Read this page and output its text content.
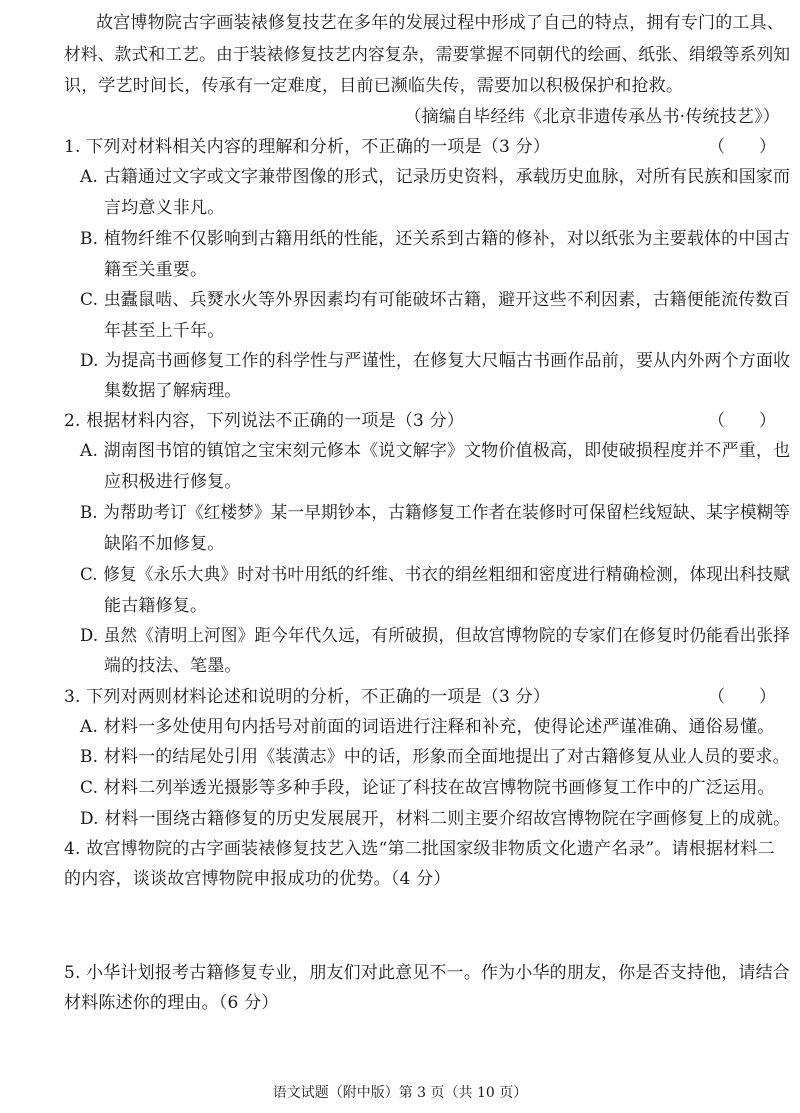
故宫博物院古字画装裱修复技艺在多年的发展过程中形成了自己的特点，拥有专门的工具、
材料、款式和工艺。由于装裱修复技艺内容复杂，需要掌握不同朝代的绘画、纸张、绢缎等系列知
识，学艺时间长，传承有一定难度，目前已濒临失传，需要加以积极保护和抢救。
（摘编自毕经纬《北京非遗传承丛书·传统技艺》）
1. 下列对材料相关内容的理解和分析，不正确的一项是（3 分）	（　　）
A. 古籍通过文字或文字兼带图像的形式，记录历史资料，承载历史血脉，对所有民族和国家而
言均意义非凡。
B. 植物纤维不仅影响到古籍用纸的性能，还关系到古籍的修补，对以纸张为主要载体的中国古
籍至关重要。
C. 虫蠹鼠啮、兵燹水火等外界因素均有可能破坏古籍，避开这些不利因素，古籍便能流传数百
年甚至上千年。
D. 为提高书画修复工作的科学性与严谨性，在修复大尺幅古书画作品前，要从内外两个方面收
集数据了解病理。
2. 根据材料内容，下列说法不正确的一项是（3 分）	（　　）
A. 湖南图书馆的镇馆之宝宋刻元修本《说文解字》文物价值极高，即使破损程度并不严重，也
应积极进行修复。
B. 为帮助考订《红楼梦》某一早期钞本，古籍修复工作者在装修时可保留栏线短缺、某字模糊等
缺陷不加修复。
C. 修复《永乐大典》时对书叶用纸的纤维、书衣的绢丝粗细和密度进行精确检测，体现出科技赋
能古籍修复。
D. 虽然《清明上河图》距今年代久远，有所破损，但故宫博物院的专家们在修复时仍能看出张择
端的技法、笔墨。
3. 下列对两则材料论述和说明的分析，不正确的一项是（3 分）	（　　）
A. 材料一多处使用句内括号对前面的词语进行注释和补充，使得论述严谨准确、通俗易懂。
B. 材料一的结尾处引用《装潢志》中的话，形象而全面地提出了对古籍修复从业人员的要求。
C. 材料二列举透光摄影等多种手段，论证了科技在故宫博物院书画修复工作中的广泛运用。
D. 材料一围绕古籍修复的历史发展展开，材料二则主要介绍故宫博物院在字画修复上的成就。
4. 故宫博物院的古字画装裱修复技艺入选“第二批国家级非物质文化遗产名录”。请根据材料二
的内容，谈谈故宫博物院申报成功的优势。（4 分）
5. 小华计划报考古籍修复专业，朋友们对此意见不一。作为小华的朋友，你是否支持他，请结合
材料陈述你的理由。（6 分）
语文试题（附中版）第 3 页（共 10 页）
